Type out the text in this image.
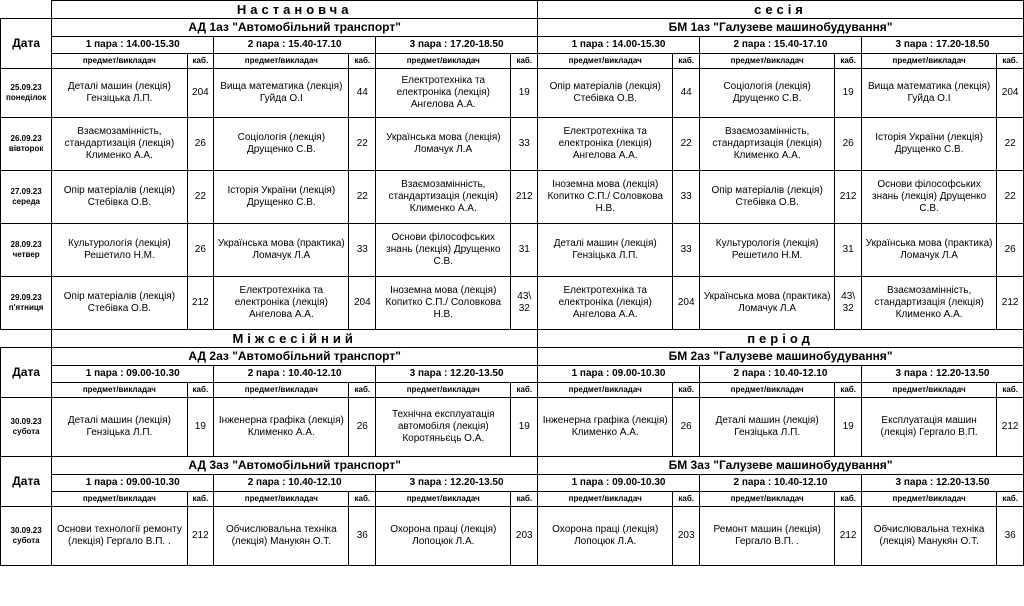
	Настановча						сесія					
Дата	АД 1аз "Автомобільний транспорт"						БМ 1аз "Галузеве машинобудування"					
	1 пара : 14.00-15.30		2 пара : 15.40-17.10		3 пара : 17.20-18.50		1 пара : 14.00-15.30		2 пара : 15.40-17.10		3 пара : 17.20-18.50	
	предмет/викладач	каб.	предмет/викладач	каб.	предмет/викладач	каб.	предмет/викладач	каб.	предмет/викладач	каб.	предмет/викладач	каб.
25.09.23
понеділок	Деталі машин (лекція) Гензіцька Л.П.	204	Вища математика (лекція) Гуйда О.І	44	Електротехніка та електроніка (лекція) Ангелова А.А.	19	Опір матеріалів (лекція) Стебівка О.В.	44	Соціологія (лекція) Друщенко С.В.	19	Вища математика (лекція) Гуйда О.І	204
26.09.23
вівторок	Взаємозамінність, стандартизація (лекція) Клименко А.А.	26	Соціологія (лекція) Друщенко С.В.	22	Українська мова (лекція) Ломачук Л.А	33	Електротехніка та електроніка (лекція) Ангелова А.А.	22	Взаємозамінність, стандартизація (лекція) Клименко А.А.	26	Історія України (лекція) Друщенко С.В.	22
27.09.23
середа	Опір матеріалів (лекція) Стебівка О.В.	22	Історія України (лекція) Друщенко С.В.	22	Взаємозамінність, стандартизація (лекція) Клименко А.А.	212	Іноземна мова (лекція) Копитко С.П./ Соловкова Н.В.	33	Опір матеріалів (лекція) Стебівка О.В.	212	Основи філософських знань (лекція) Друщенко С.В.	22
28.09.23
четвер	Культурологія (лекція) Решетило Н.М.	26	Українська мова (практика) Ломачук Л.А	33	Основи філософських знань (лекція) Друщенко С.В.	31	Деталі машин (лекція) Гензіцька Л.П.	33	Культурологія (лекція) Решетило Н.М.	31	Українська мова (практика) Ломачук Л.А	26
29.09.23
п'ятниця	Опір матеріалів (лекція) Стебівка О.В.	212	Електротехніка та електроніка (лекція) Ангелова А.А.	204	Іноземна мова (лекція) Копитко С.П./ Соловкова Н.В.	43\ 32	Електротехніка та електроніка (лекція) Ангелова А.А.	204	Українська мова (практика) Ломачук Л.А	43\ 32	Взаємозамінність, стандартизація (лекція) Клименко А.А.	212
	Міжсесійний						період					
Дата	АД 2аз "Автомобільний транспорт"						БМ 2аз "Галузеве машинобудування"					
	1 пара : 09.00-10.30		2 пара : 10.40-12.10		3 пара : 12.20-13.50		1 пара : 09.00-10.30		2 пара : 10.40-12.10		3 пара : 12.20-13.50	
	предмет/викладач	каб.	предмет/викладач	каб.	предмет/викладач	каб.	предмет/викладач	каб.	предмет/викладач	каб.	предмет/викладач	каб.
30.09.23
субота	Деталі машин (лекція) Гензіцька Л.П.	19	Інженерна графіка (лекція) Клименко А.А.	26	Технічна експлуатація автомобіля (лекція) Коротяньєць О.А.	19	Інженерна графіка (лекція) Клименко А.А.	26	Деталі машин (лекція) Гензіцька Л.П.	19	Експлуатація машин (лекція) Гергало В.П.	212
Дата	АД 3аз "Автомобільний транспорт"						БМ 3аз "Галузеве машинобудування"					
	1 пара : 09.00-10.30		2 пара : 10.40-12.10		3 пара : 12.20-13.50		1 пара : 09.00-10.30		2 пара : 10.40-12.10		3 пара : 12.20-13.50	
	предмет/викладач	каб.	предмет/викладач	каб.	предмет/викладач	каб.	предмет/викладач	каб.	предмет/викладач	каб.	предмет/викладач	каб.
30.09.23
субота	Основи технології ремонту (лекція) Гергало В.П. .	212	Обчислювальна техніка (лекція) Манукян О.Т.	36	Охорона праці (лекція) Лопоцюк Л.А.	203	Охорона праці (лекція) Лопоцюк Л.А.	203	Ремонт машин (лекція) Гергало В.П. .	212	Обчислювальна техніка (лекція) Манукян О.Т.	36
